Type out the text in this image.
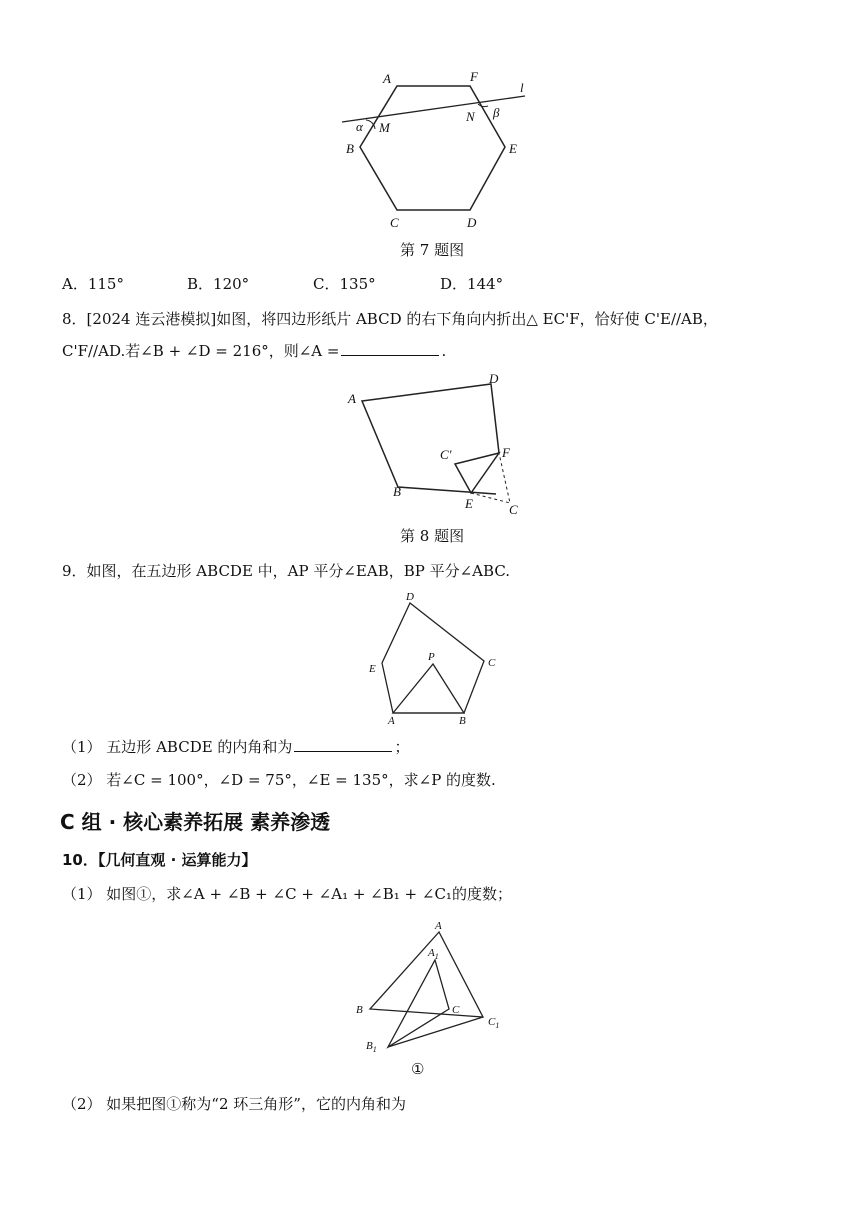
A	F
l
α M
N β
B	E
C	D
第 7 题图
A．115°	B．120°	C．135°	D．144°
8．[2024 连云港模拟]如图，将四边形纸片 ABCD 的右下角向内折出△ EC'F，恰好使 C'E//AB，
C'F//AD.若∠B + ∠D = 216°，则∠A =	.
A
D
C'	F
B
E	C
第 8 题图
9．如图，在五边形 ABCDE 中，AP 平分∠EAB，BP 平分∠ABC.
D
P
E	C
A	B
（1） 五边形 ABCDE 的内角和为	；
（2） 若∠C = 100°，∠D = 75°，∠E = 135°，求∠P 的度数.
C 组 · 核心素养拓展 素养渗透
10．【几何直观 · 运算能力】
（1） 如图①，求∠A + ∠B + ∠C + ∠A₁ + ∠B₁ + ∠C₁的度数；
A
$A_1$
B	C
$C_1$
$B_1$
①
（2） 如果把图①称为“2 环三角形”，它的内角和为
